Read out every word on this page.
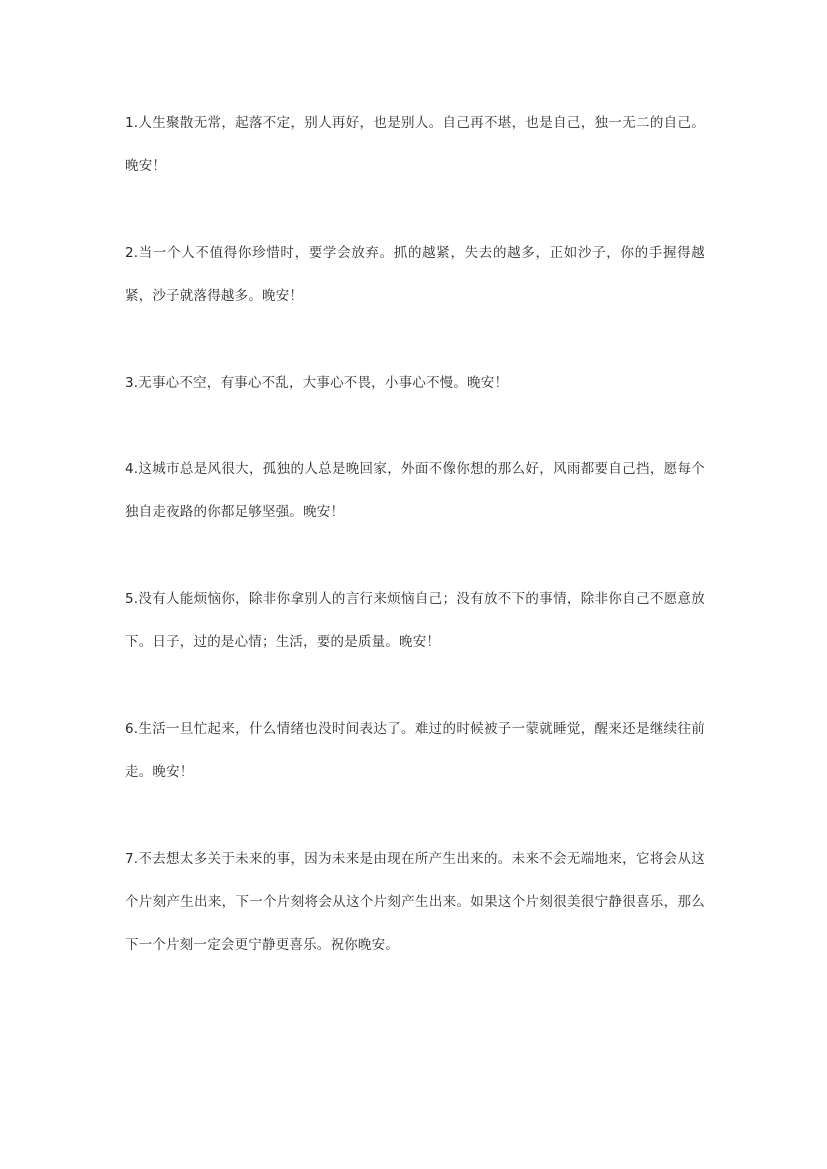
1.人生聚散无常，起落不定，别人再好，也是别人。自己再不堪，也是自己，独一无二的自己。晚安！

2.当一个人不值得你珍惜时，要学会放弃。抓的越紧，失去的越多，正如沙子，你的手握得越紧，沙子就落得越多。晚安！

3.无事心不空，有事心不乱，大事心不畏，小事心不慢。晚安！

4.这城市总是风很大，孤独的人总是晚回家，外面不像你想的那么好，风雨都要自己挡，愿每个独自走夜路的你都足够坚强。晚安！

5.没有人能烦恼你，除非你拿别人的言行来烦恼自己；没有放不下的事情，除非你自己不愿意放下。日子，过的是心情；生活，要的是质量。晚安！

6.生活一旦忙起来，什么情绪也没时间表达了。难过的时候被子一蒙就睡觉，醒来还是继续往前走。晚安！

7.不去想太多关于未来的事，因为未来是由现在所产生出来的。未来不会无端地来，它将会从这个片刻产生出来，下一个片刻将会从这个片刻产生出来。如果这个片刻很美很宁静很喜乐，那么下一个片刻一定会更宁静更喜乐。祝你晚安。
